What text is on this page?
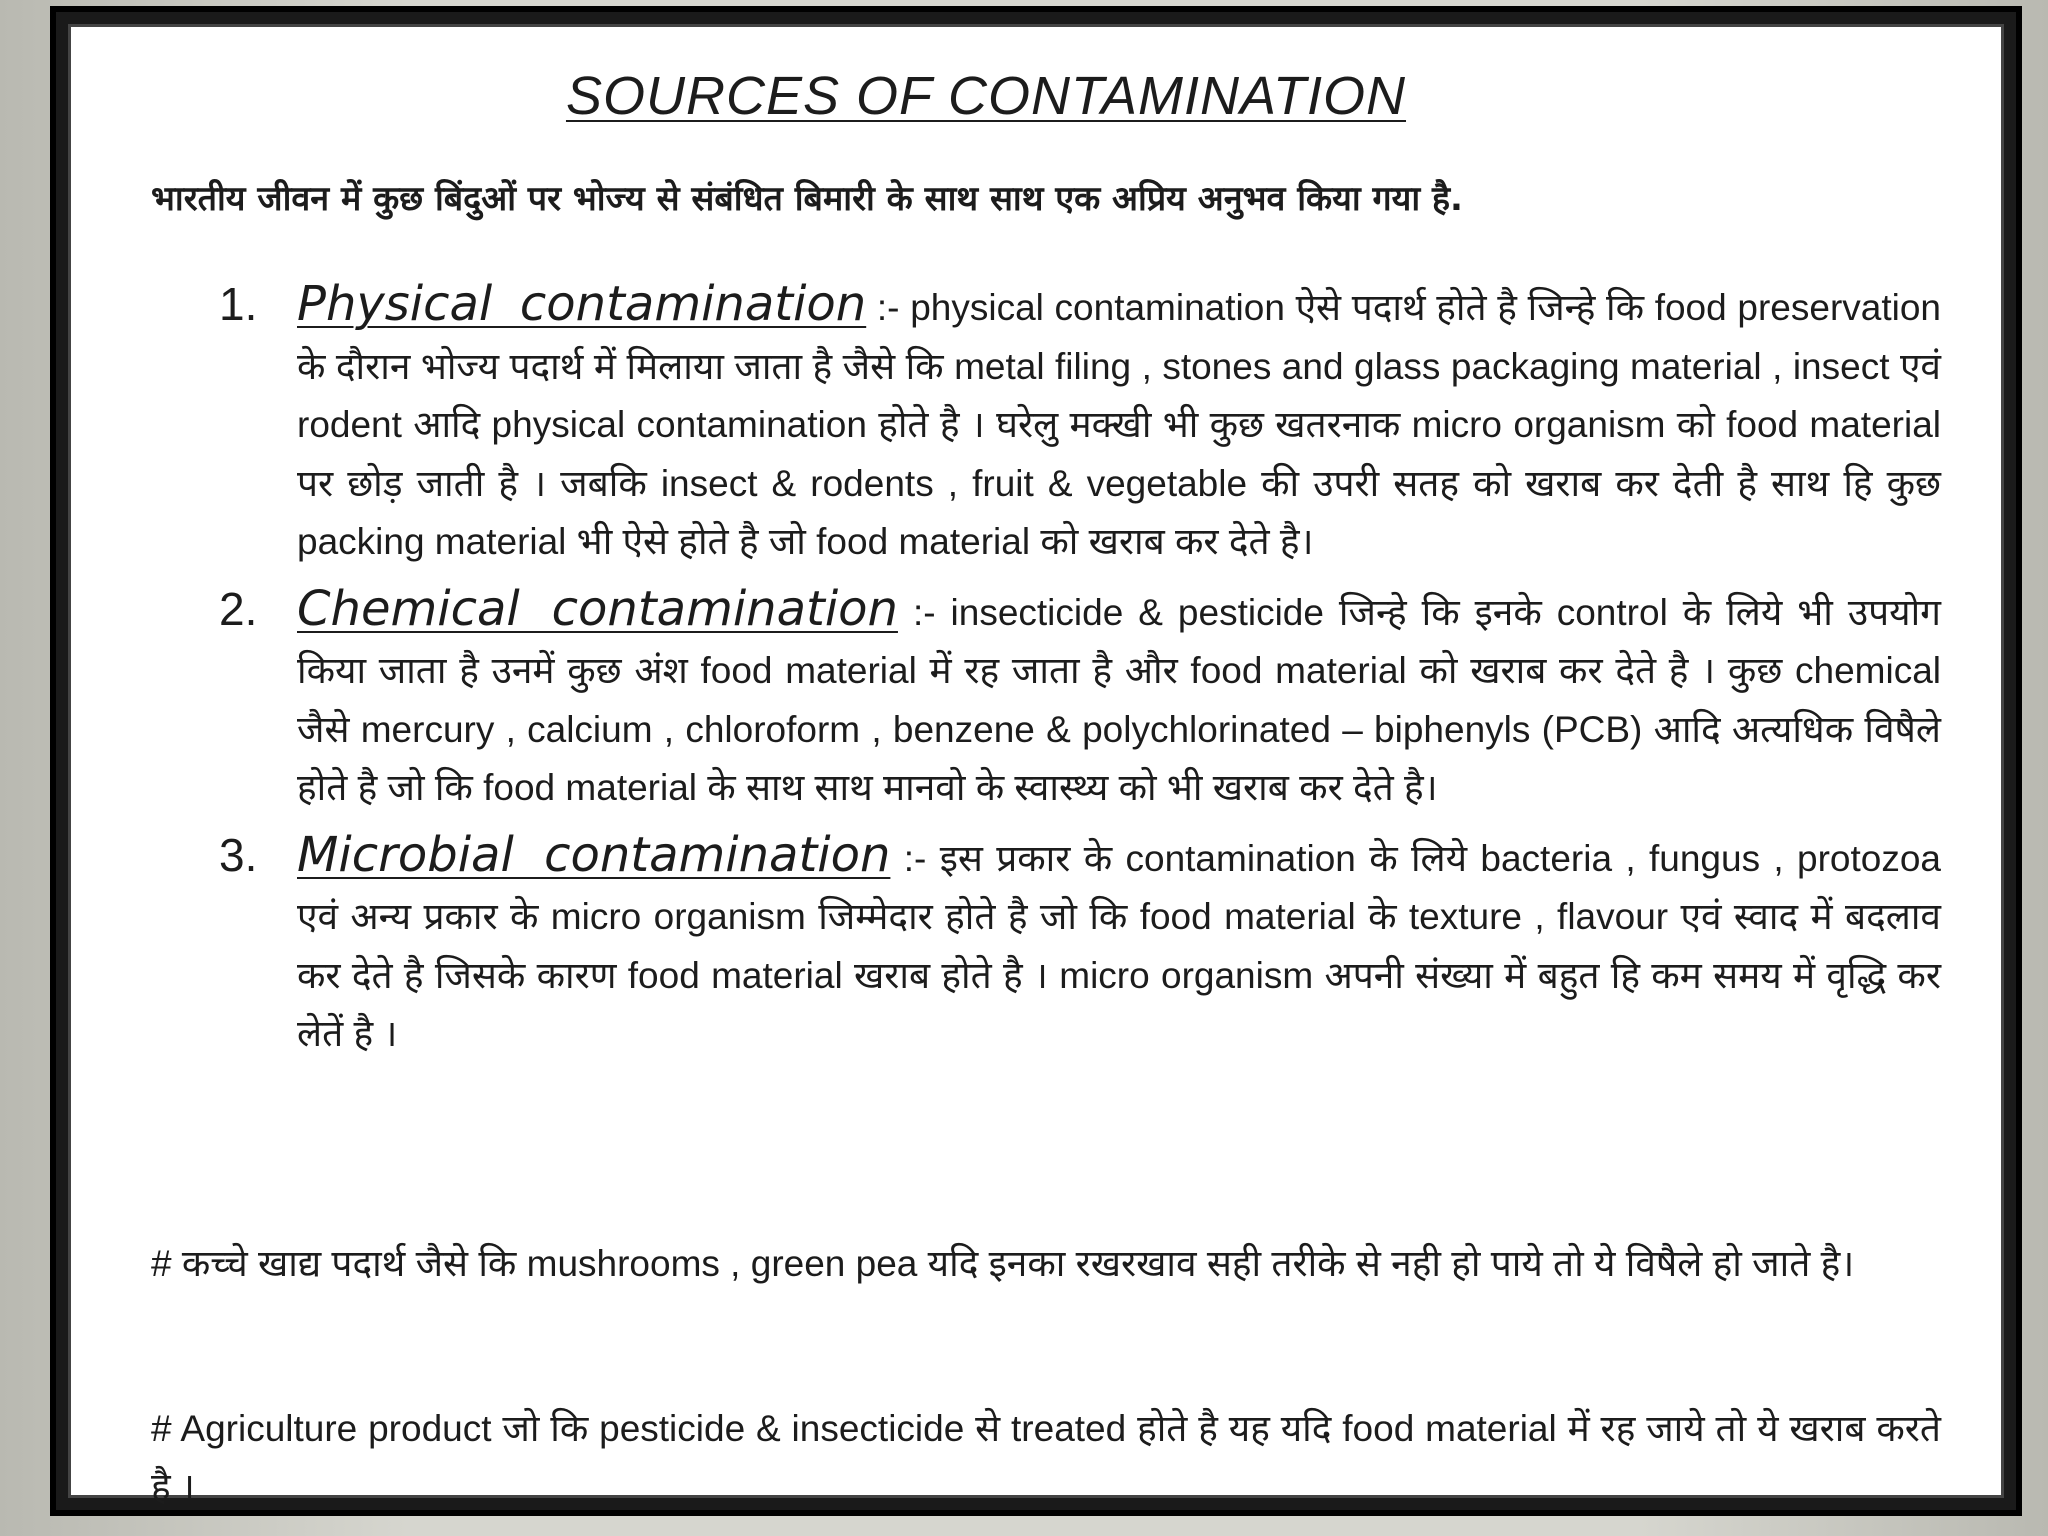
SOURCES OF CONTAMINATION
भारतीय जीवन में कुछ बिंदुओं पर भोज्य से संबंधित बिमारी के साथ साथ एक अप्रिय अनुभव किया गया है.
1. Physical contamination :- physical contamination ऐसे पदार्थ होते है जिन्हे कि food preservation के दौरान भोज्य पदार्थ में मिलाया जाता है जैसे कि metal filing , stones and glass packaging material , insect एवं rodent आदि physical contamination होते है । घरेलु मक्खी भी कुछ खतरनाक micro organism को food material पर छोड़ जाती है । जबकि insect & rodents , fruit & vegetable की उपरी सतह को खराब कर देती है साथ हि कुछ packing material भी ऐसे होते है जो food material को खराब कर देते है।
2. Chemical contamination :- insecticide & pesticide जिन्हे कि इनके control के लिये भी उपयोग किया जाता है उनमें कुछ अंश food material में रह जाता है और food material को खराब कर देते है । कुछ chemical जैसे mercury , calcium , chloroform , benzene & polychlorinated – biphenyls (PCB) आदि अत्यधिक विषैले होते है जो कि food material के साथ साथ मानवो के स्वास्थ्य को भी खराब कर देते है।
3. Microbial contamination :- इस प्रकार के contamination के लिये bacteria , fungus , protozoa एवं अन्य प्रकार के micro organism जिम्मेदार होते है जो कि food material के texture , flavour एवं स्वाद में बदलाव कर देते है जिसके कारण food material खराब होते है । micro organism अपनी संख्या में बहुत हि कम समय में वृद्धि कर लेतें है ।
# कच्चे खाद्य पदार्थ जैसे कि mushrooms , green pea यदि इनका रखरखाव सही तरीके से नही हो पाये तो ये विषैले हो जाते है।
# Agriculture product जो कि pesticide & insecticide से treated होते है यह यदि food material में रह जाये तो ये खराब करते है ।
